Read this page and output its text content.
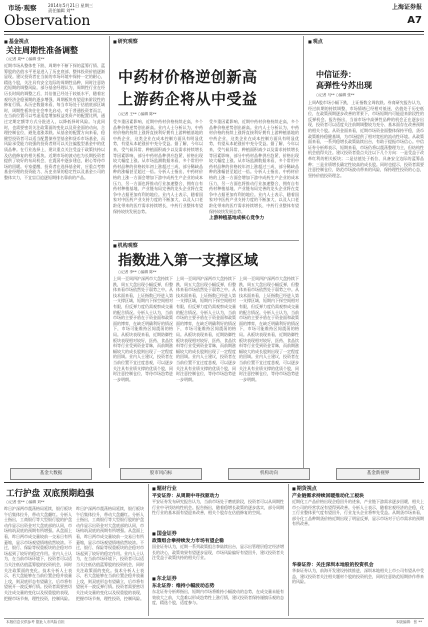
市场·观察	2014年5月21日 星期三
责任编辑 刘**	上海证券报
Observation	A7
■ 基金视点
关注周期性准备调整
○记者 周** ○编辑 张**
近期市场从整体性下跌、周期中不断下探的蓝筹行情、蓝筹股的估值水平更是进入了历史底部，整体投资价值逐渐显现。建议投资者在当前的市场环境中保持一定的耐心，精选个股，关注具有安全边际的周期性品种，同时注意防范短期的调整风险。部分基金经理认为，周期性行业在经历长时间的调整之后，其估值已经处于较低水平，随着宏观经济企稳预期的逐步增强，周期板块有望迎来阶段性的修复行情。从历史数据来看，每当市场处于估值底部区域时，周期性板块往往会率先启动。对于普通投资者而言，在当前位置可以考虑适度增加权益类资产的配置比例，通过定期定额等方式分批进入，以降低择时风险。与此同时，也需要密切关注政策面的变化以及资金面的动向，合理控制仓位，避免追涨杀跌。从基金的配置方向来看，稳健型投资者可以适当配置债券型基金和货币市场基金，而风险承受能力较强的投资者则可以关注偏股型基金中的优质品种。在行业选择上，建议重点关注受益于政策扶持以及估值修复的相关板块。近期市场的波动也为长期投资者提供了较好的布局机会，在震荡中逐步建仓，耐心等待市场的回暖。专家提醒，投资者在选择基金时，应重点考察基金经理的投资能力、历史业绩的稳定性以及基金公司的整体实力，不宜盲目追逐短期排名靠前的产品。
■ 研究观察
中药材价格逆创新高
上游药企将从中受益
○记者 王** ○编辑 陈**
受多重因素影响，近期中药材价格持续走高，多个品种价格逆势创出新高。业内人士分析认为，中药材价格的持续上涨将直接利好拥有上游种植基地的中药企业，这类企业在成本控制方面具有明显优势，有望从本轮涨价中充分受益。据了解，今年以来，受气候异常、种植面积减少以及需求持续增长等因素影响，部分中药材品种供应趋紧，价格出现较大幅度上涨。从市场监测数据来看，多个常用中药材品种的价格较年初上涨超过三成，部分稀缺品种的涨幅甚至超过一倍。分析人士指出，中药材价格的上涨一方面会增加下游中成药生产企业的成本压力，另一方面也将推动行业加速整合，拥有自有药材种植基地、产业链布局完善的龙头企业将在竞争中占据更加有利的地位。业内人士表示，随着国家对中医药产业支持力度的不断加大，以及人口老龄化带来的医疗需求持续增长，中药行业整体有望保持较快发展态势。
受多重因素影响，近期中药材价格持续走高，多个品种价格逆势创出新高。业内人士分析认为，中药材价格的持续上涨将直接利好拥有上游种植基地的中药企业，这类企业在成本控制方面具有明显优势，有望从本轮涨价中充分受益。据了解，今年以来，受气候异常、种植面积减少以及需求持续增长等因素影响，部分中药材品种供应趋紧，价格出现较大幅度上涨。从市场监测数据来看，多个常用中药材品种的价格较年初上涨超过三成，部分稀缺品种的涨幅甚至超过一倍。分析人士指出，中药材价格的上涨一方面会增加下游中成药生产企业的成本压力，另一方面也将推动行业加速整合，拥有自有药材种植基地、产业链布局完善的龙头企业将在竞争中占据更加有利的地位。业内人士表示，随着国家对中医药产业支持力度的不断加大，以及人口老龄化带来的医疗需求持续增长，中药行业整体有望保持较快发展态势。
上游种植基地成核心竞争力
■ 观点
中信证券：
高弹性兮苏出现
○记者 马** ○编辑 张**
上周A股市场小幅下跌，上证指数全周收跌。券商研究报告认为，经过前期的持续调整，市场情绪已经相对低迷，估值处于历史低位，在政策预期逐步改善的背景下，市场短期内可能迎来阶段性的反弹机会。报告指出，当前市场中高弹性品种的机会正在逐步出现，投资者可以适度关注前期调整较为充分、基本面存在改善预期的相关个股。从资金面来看，近期市场资金面整体保持平稳，货币政策维持稳健基调，为市场提供了相对宽松的流动性环境。从政策面来看，一系列稳增长政策陆续出台，有助于提振市场信心。中信证券分析师表示，短期来看，市场仍将以震荡整理为主，但结构性机会值得关注。建议投资者重点关注以下几个方向：一是受益于改革红利的相关板块；二是估值处于低位、具备安全边际的蓝筹品种；三是业绩增长确定性较高的成长股。同时也提示，投资者需要注意控制仓位，防范市场波动带来的风险，保持理性投资的心态，坚持价值投资理念。
■ 机构观察
指数进入第一支撑区域
○记者 李** ○编辑 陈**
上周一至周四沪深两市大盘持续下跌，周五大盘出现小幅反弹，但整体来看市场依然处于弱势之中。从技术面来看，上证指数已经进入第一支撑区域，短期内下探空间相对有限，但反弹力度仍需观察成交量的配合情况。分析人士认为，当前市场的主要矛盾在于资金面和政策面的博弈，在缺乏明确利好的情况下，市场可能维持区间震荡的格局。从板块表现来看，近期防御性板块表现相对较好，医药、食品饮料等行业受到资金青睐，而前期涨幅较大的成长股则出现了一定程度的回调。业内人士建议，投资者在当前位置不宜过度悲观，可以逐步关注具有业绩支撑的优质个股，同时注意控制仓位，等待市场趋势进一步明朗。
上周一至周四沪深两市大盘持续下跌，周五大盘出现小幅反弹，但整体来看市场依然处于弱势之中。从技术面来看，上证指数已经进入第一支撑区域，短期内下探空间相对有限，但反弹力度仍需观察成交量的配合情况。分析人士认为，当前市场的主要矛盾在于资金面和政策面的博弈，在缺乏明确利好的情况下，市场可能维持区间震荡的格局。从板块表现来看，近期防御性板块表现相对较好，医药、食品饮料等行业受到资金青睐，而前期涨幅较大的成长股则出现了一定程度的回调。业内人士建议，投资者在当前位置不宜过度悲观，可以逐步关注具有业绩支撑的优质个股，同时注意控制仓位，等待市场趋势进一步明朗。
上周一至周四沪深两市大盘持续下跌，周五大盘出现小幅反弹，但整体来看市场依然处于弱势之中。从技术面来看，上证指数已经进入第一支撑区域，短期内下探空间相对有限，但反弹力度仍需观察成交量的配合情况。分析人士认为，当前市场的主要矛盾在于资金面和政策面的博弈，在缺乏明确利好的情况下，市场可能维持区间震荡的格局。从板块表现来看，近期防御性板块表现相对较好，医药、食品饮料等行业受到资金青睐，而前期涨幅较大的成长股则出现了一定程度的回调。业内人士建议，投资者在当前位置不宜过度悲观，可以逐步关注具有业绩支撑的优质个股，同时注意控制仓位，等待市场趋势进一步明朗。
基金大数据	股市风向标	机构动向	基金新视界
工行护盘 双底预期趋强
○记者 张** ○编辑 刘**
昨日沪深两市震荡格局延续，银行板块午后集体拉升，带动大盘翻红。分析人士指出，工商银行等大型银行股的护盘动作显示出资金对大盘底部的认同，市场构筑双底的预期有所增强。从盘面上看，昨日两市成交量较前一交易日有所萎缩，显示市场观望情绪依然较浓。不过，银行、保险等权重板块的企稳对市场起到了较好的稳定作用。业内人士认为，在当前市场环境下，投资者可以适当关注低估值蓝筹股的投资机会，同时关注政策面的变化。技术分析人士表示，若大盘能够在当前位置企稳并放量上攻，则双底形态有望确立，后市将有望展开一波反弹行情。投资者需要密切关注成交量的变化以及权重股的表现，把握市场节奏，理性投资，控制风险。
昨日沪深两市震荡格局延续，银行板块午后集体拉升，带动大盘翻红。分析人士指出，工商银行等大型银行股的护盘动作显示出资金对大盘底部的认同，市场构筑双底的预期有所增强。从盘面上看，昨日两市成交量较前一交易日有所萎缩，显示市场观望情绪依然较浓。不过，银行、保险等权重板块的企稳对市场起到了较好的稳定作用。业内人士认为，在当前市场环境下，投资者可以适当关注低估值蓝筹股的投资机会，同时关注政策面的变化。技术分析人士表示，若大盘能够在当前位置企稳并放量上攻，则双底形态有望确立，后市将有望展开一波反弹行情。投资者需要密切关注成交量的变化以及权重股的表现，把握市场节奏，理性投资，控制风险。
■ 题材行业
平安证券：从周期中寻找驱动力
平安证券发布研究报告认为，当前市场处于磨底阶段，投资者可以从周期性行业中寻找结构性机会。报告指出，随着稳增长政策的逐步落实，部分周期性行业的基本面有望迎来改善，相关个股存在估值修复的空间。
■ 国金证券
政策组合拳持续发力市场有望企稳
国金证券认为，近期一系列政策组合拳陆续出台，显示出管理层稳定经济增长的决心，政策效果有望逐步显现，市场风险偏好有望回升，建议投资者关注受益于政策扶持的相关行业。
■ 东北证券
东北证券：维持小幅波动态势
东北证券分析师指出，短期内市场将维持小幅波动的态势，在成交量未能有效放大之前，大盘难以形成趋势性上涨行情，建议投资者保持谨慎乐观的态度，精选个股，适度参与。
■ 期货视点
产业链需求持续回暖推动化工板块
近期化工产品价格出现企稳回升的迹象，产业链下游需求逐步回暖，相关上市公司的经营状况有望得到改善。分析人士表示，随着宏观经济的企稳，化工行业整体景气度有望回升，行业龙头企业将率先受益。从期货市场来看，部分化工品种期货价格近期出现了明显反弹，显示市场对于后市需求的预期有所改善。
华泰证券：关注深圳本地股的投资机会
华泰证券认为，前海开发建设持续推进，深圳本地相关上市公司有望从中受益，建议投资者关注相关题材个股的投资机会，同时注意防范短期炒作带来的风险。
本版信息仅供参考 据此入市风险自担	本版编辑：张 **
